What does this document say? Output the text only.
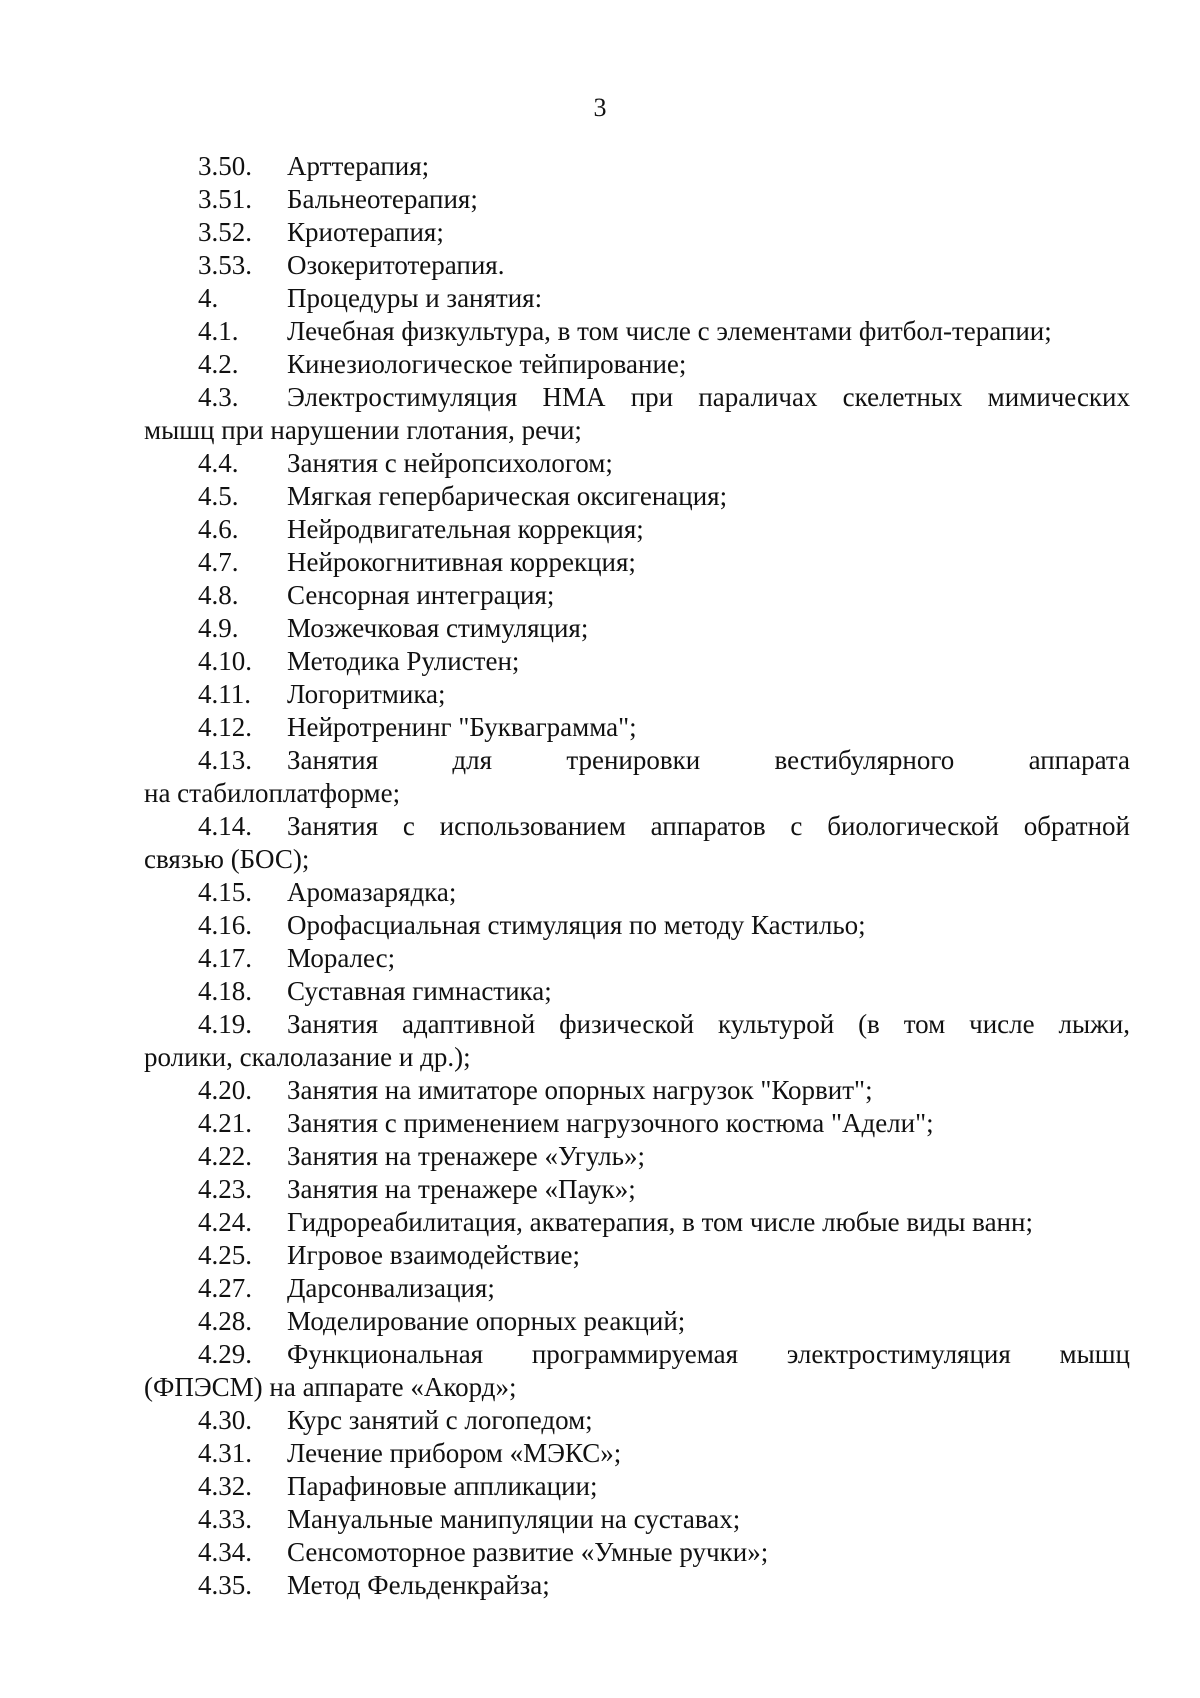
3
3.50.	Арттерапия;
3.51.	Бальнеотерапия;
3.52.	Криотерапия;
3.53.	Озокеритотерапия.
4.	Процедуры и занятия:
4.1.	Лечебная физкультура, в том числе с элементами фитбол-терапии;
4.2.	Кинезиологическое тейпирование;
4.3.	Электростимуляция НМА при параличах скелетных мимических
мышц при нарушении глотания, речи;
4.4.	Занятия с нейропсихологом;
4.5.	Мягкая гепербарическая оксигенация;
4.6.	Нейродвигательная коррекция;
4.7.	Нейрокогнитивная коррекция;
4.8.	Сенсорная интеграция;
4.9.	Мозжечковая стимуляция;
4.10.	Методика Рулистен;
4.11.	Логоритмика;
4.12.	Нейротренинг "Буквaграмма";
4.13.	Занятия для тренировки вестибулярного аппарата
на стабилоплатформе;
4.14.	Занятия с использованием аппаратов с биологической обратной
связью (БОС);
4.15.	Аромазарядка;
4.16.	Орофасциальная стимуляция по методу Кастильо;
4.17.	Моралес;
4.18.	Суставная гимнастика;
4.19.	Занятия адаптивной физической культурой (в том числе лыжи,
ролики, скалолазание и др.);
4.20.	Занятия на имитаторе опорных нагрузок "Корвит";
4.21.	Занятия с применением нагрузочного костюма "Адели";
4.22.	Занятия на тренажере «Угуль»;
4.23.	Занятия на тренажере «Паук»;
4.24.	Гидрореабилитация, акватерапия, в том числе любые виды ванн;
4.25.	Игровое взаимодействие;
4.27.	Дарсонвализация;
4.28.	Моделирование опорных реакций;
4.29.	Функциональная программируемая электростимуляция мышц
(ФПЭСМ) на аппарате «Акорд»;
4.30.	Курс занятий с логопедом;
4.31.	Лечение прибором «МЭКС»;
4.32.	Парафиновые аппликации;
4.33.	Мануальные манипуляции на суставах;
4.34.	Сенсомоторное развитие «Умные ручки»;
4.35.	Метод Фельденкрайза;
